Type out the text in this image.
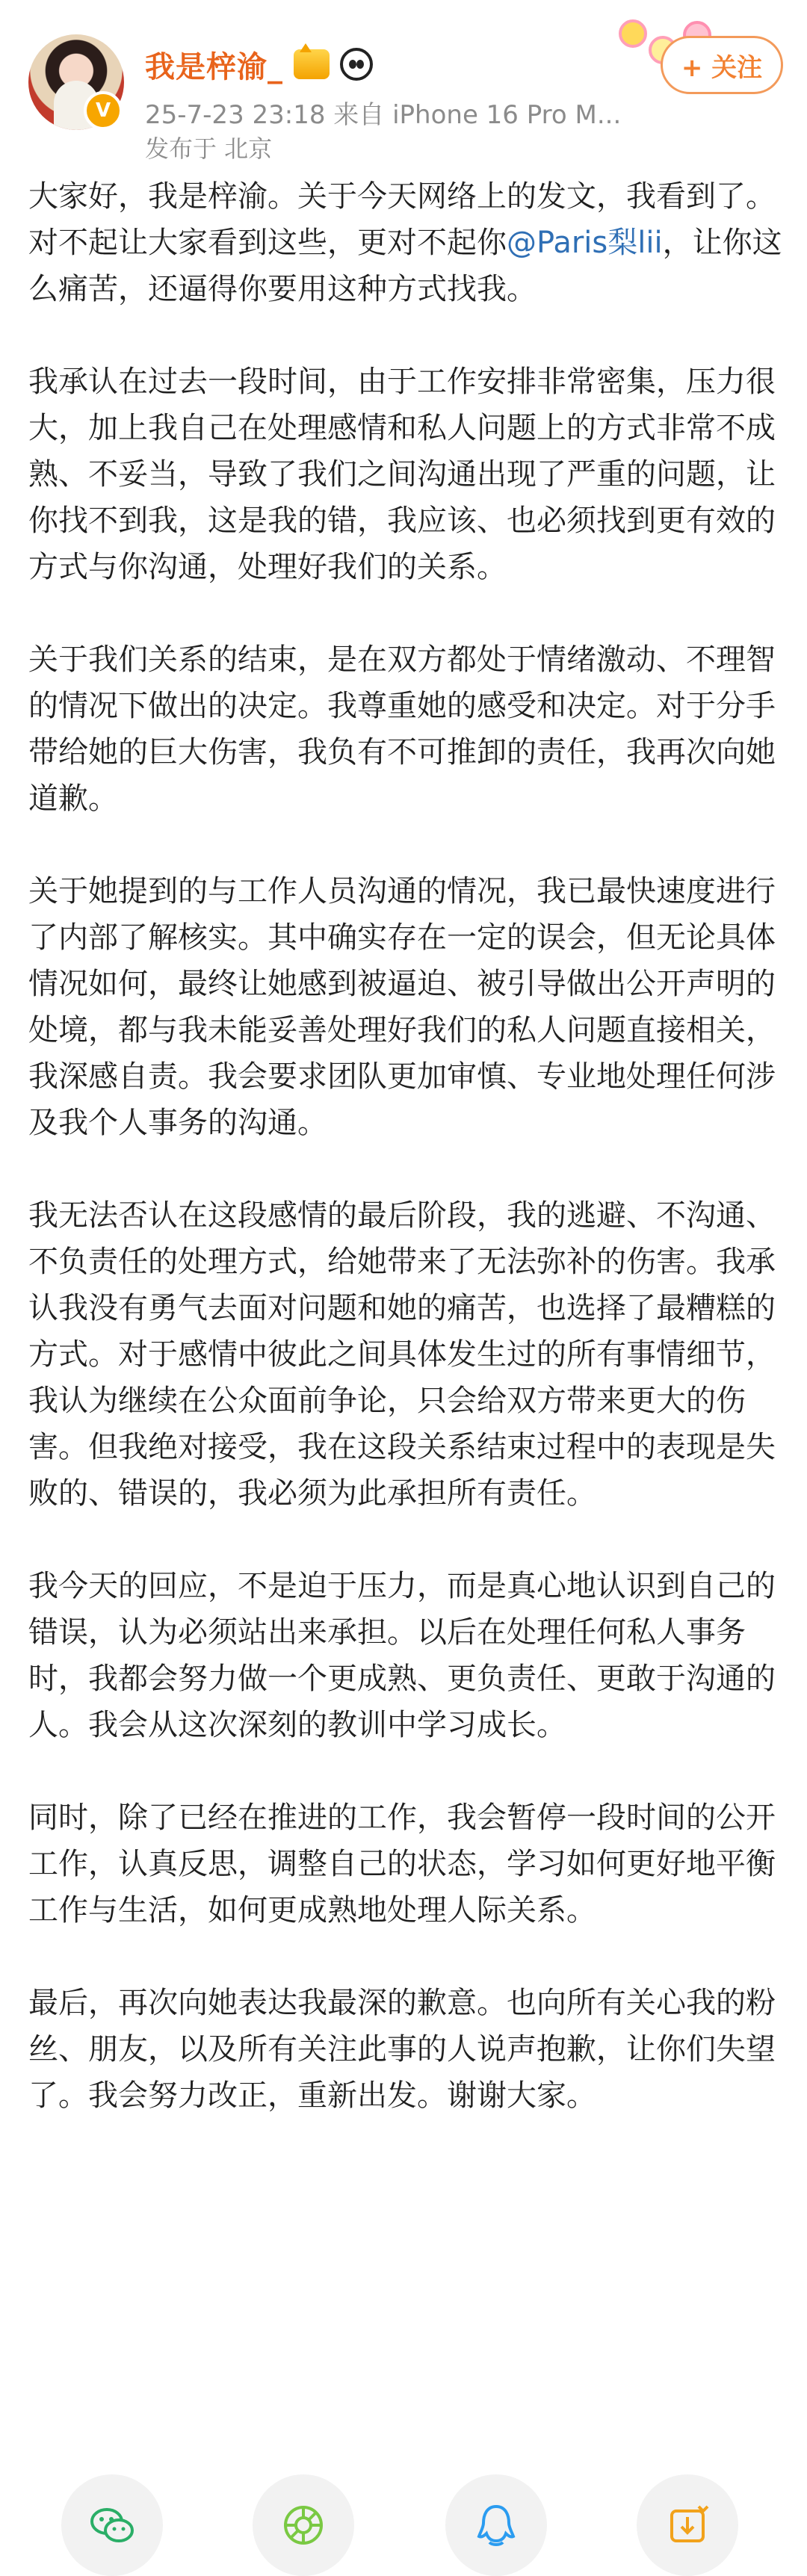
V
我是梓渝_
25-7-23 23:18 来自 iPhone 16 Pro M...
发布于 北京
+ 关注

大家好，我是梓渝。关于今天网络上的发文，我看到了。对不起让大家看到这些，更对不起你@Paris梨lii，让你这么痛苦，还逼得你要用这种方式找我。

我承认在过去一段时间，由于工作安排非常密集，压力很大，加上我自己在处理感情和私人问题上的方式非常不成熟、不妥当，导致了我们之间沟通出现了严重的问题，让你找不到我，这是我的错，我应该、也必须找到更有效的方式与你沟通，处理好我们的关系。

关于我们关系的结束，是在双方都处于情绪激动、不理智的情况下做出的决定。我尊重她的感受和决定。对于分手带给她的巨大伤害，我负有不可推卸的责任，我再次向她道歉。

关于她提到的与工作人员沟通的情况，我已最快速度进行了内部了解核实。其中确实存在一定的误会，但无论具体情况如何，最终让她感到被逼迫、被引导做出公开声明的处境，都与我未能妥善处理好我们的私人问题直接相关，我深感自责。我会要求团队更加审慎、专业地处理任何涉及我个人事务的沟通。

我无法否认在这段感情的最后阶段，我的逃避、不沟通、不负责任的处理方式，给她带来了无法弥补的伤害。我承认我没有勇气去面对问题和她的痛苦，也选择了最糟糕的方式。对于感情中彼此之间具体发生过的所有事情细节，我认为继续在公众面前争论，只会给双方带来更大的伤害。但我绝对接受，我在这段关系结束过程中的表现是失败的、错误的，我必须为此承担所有责任。

我今天的回应，不是迫于压力，而是真心地认识到自己的错误，认为必须站出来承担。以后在处理任何私人事务时，我都会努力做一个更成熟、更负责任、更敢于沟通的人。我会从这次深刻的教训中学习成长。

同时，除了已经在推进的工作，我会暂停一段时间的公开工作，认真反思，调整自己的状态，学习如何更好地平衡工作与生活，如何更成熟地处理人际关系。

最后，再次向她表达我最深的歉意。也向所有关心我的粉丝、朋友，以及所有关注此事的人说声抱歉，让你们失望了。我会努力改正，重新出发。谢谢大家。
